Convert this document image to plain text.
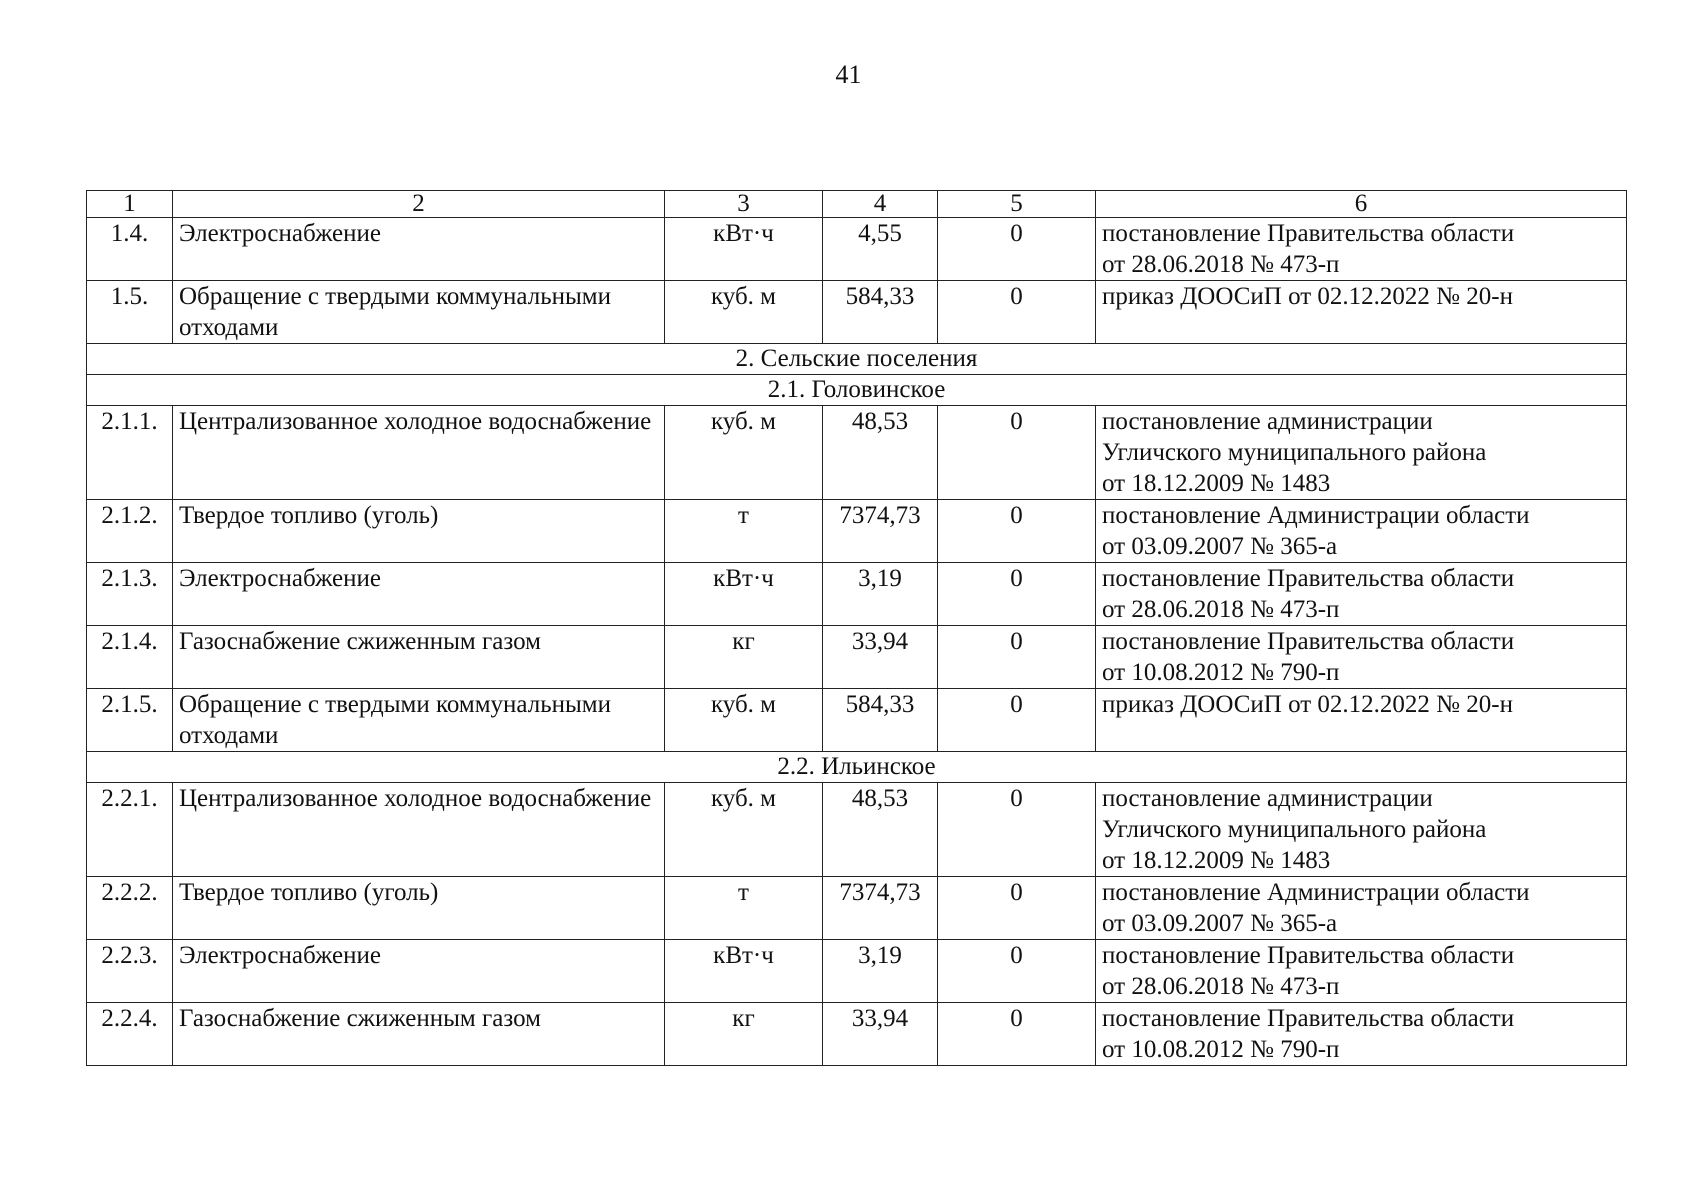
41
1	2	3	4	5	6
1.4.	Электроснабжение	кВт·ч	4,55	0	постановление Правительства области
от 28.06.2018 № 473-п

1.5.	Обращение с твердыми коммунальными отходами	куб. м	584,33	0	приказ ДООСиП от 02.12.2022 № 20-н

2. Сельские поселения					
2.1. Головинское					
2.1.1.	Централизованное холодное водоснабжение	куб. м	48,53	0	постановление администрации
Угличского муниципального района
от 18.12.2009 № 1483

2.1.2.	Твердое топливо (уголь)	т	7374,73	0	постановление Администрации области
от 03.09.2007 № 365-а

2.1.3.	Электроснабжение	кВт·ч	3,19	0	постановление Правительства области
от 28.06.2018 № 473-п

2.1.4.	Газоснабжение сжиженным газом	кг	33,94	0	постановление Правительства области
от 10.08.2012 № 790-п

2.1.5.	Обращение с твердыми коммунальными отходами	куб. м	584,33	0	приказ ДООСиП от 02.12.2022 № 20-н

2.2. Ильинское					
2.2.1.	Централизованное холодное водоснабжение	куб. м	48,53	0	постановление администрации
Угличского муниципального района
от 18.12.2009 № 1483

2.2.2.	Твердое топливо (уголь)	т	7374,73	0	постановление Администрации области
от 03.09.2007 № 365-а

2.2.3.	Электроснабжение	кВт·ч	3,19	0	постановление Правительства области
от 28.06.2018 № 473-п

2.2.4.	Газоснабжение сжиженным газом	кг	33,94	0	постановление Правительства области
от 10.08.2012 № 790-п
